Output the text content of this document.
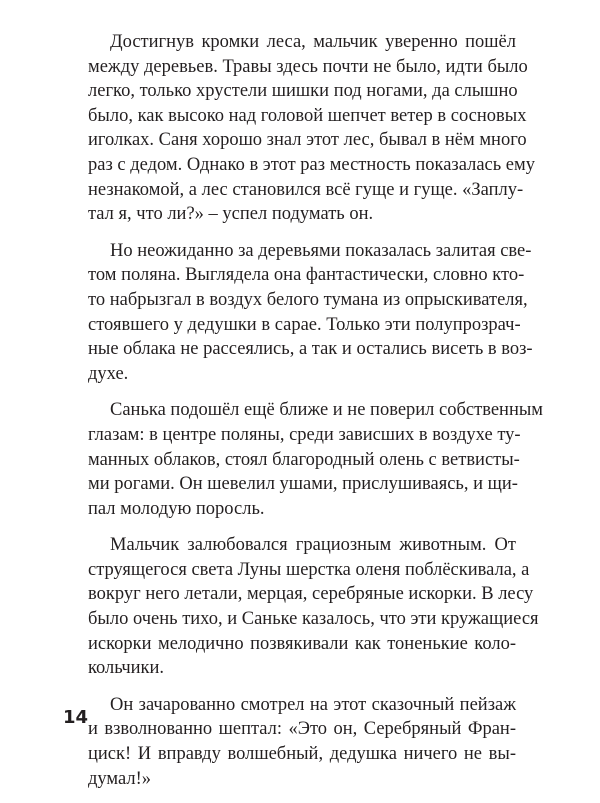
Достигнув кромки леса, мальчик уверенно пошёл
между деревьев. Травы здесь почти не было, идти было
легко, только хрустели шишки под ногами, да слышно
было, как высоко над головой шепчет ветер в сосновых
иголках. Саня хорошо знал этот лес, бывал в нём много
раз с дедом. Однако в этот раз местность показалась ему
незнакомой, а лес становился всё гуще и гуще. «Заплу-
тал я, что ли?» – успел подумать он.

Но неожиданно за деревьями показалась залитая све-
том поляна. Выглядела она фантастически, словно кто-
то набрызгал в воздух белого тумана из опрыскивателя,
стоявшего у дедушки в сарае. Только эти полупрозрач-
ные облака не рассеялись, а так и остались висеть в воз-
духе.

Санька подошёл ещё ближе и не поверил собственным
глазам: в центре поляны, среди зависших в воздухе ту-
манных облаков, стоял благородный олень с ветвисты-
ми рогами. Он шевелил ушами, прислушиваясь, и щи-
пал молодую поросль.

Мальчик залюбовался грациозным животным. От
струящегося света Луны шерстка оленя поблёскивала, а
вокруг него летали, мерцая, серебряные искорки. В лесу
было очень тихо, и Саньке казалось, что эти кружащиеся
искорки мелодично позвякивали как тоненькие коло-
кольчики.

Он зачарованно смотрел на этот сказочный пейзаж
и взволнованно шептал: «Это он, Серебряный Фран-
циск! И вправду волшебный, дедушка ничего не вы-
думал!»

14
